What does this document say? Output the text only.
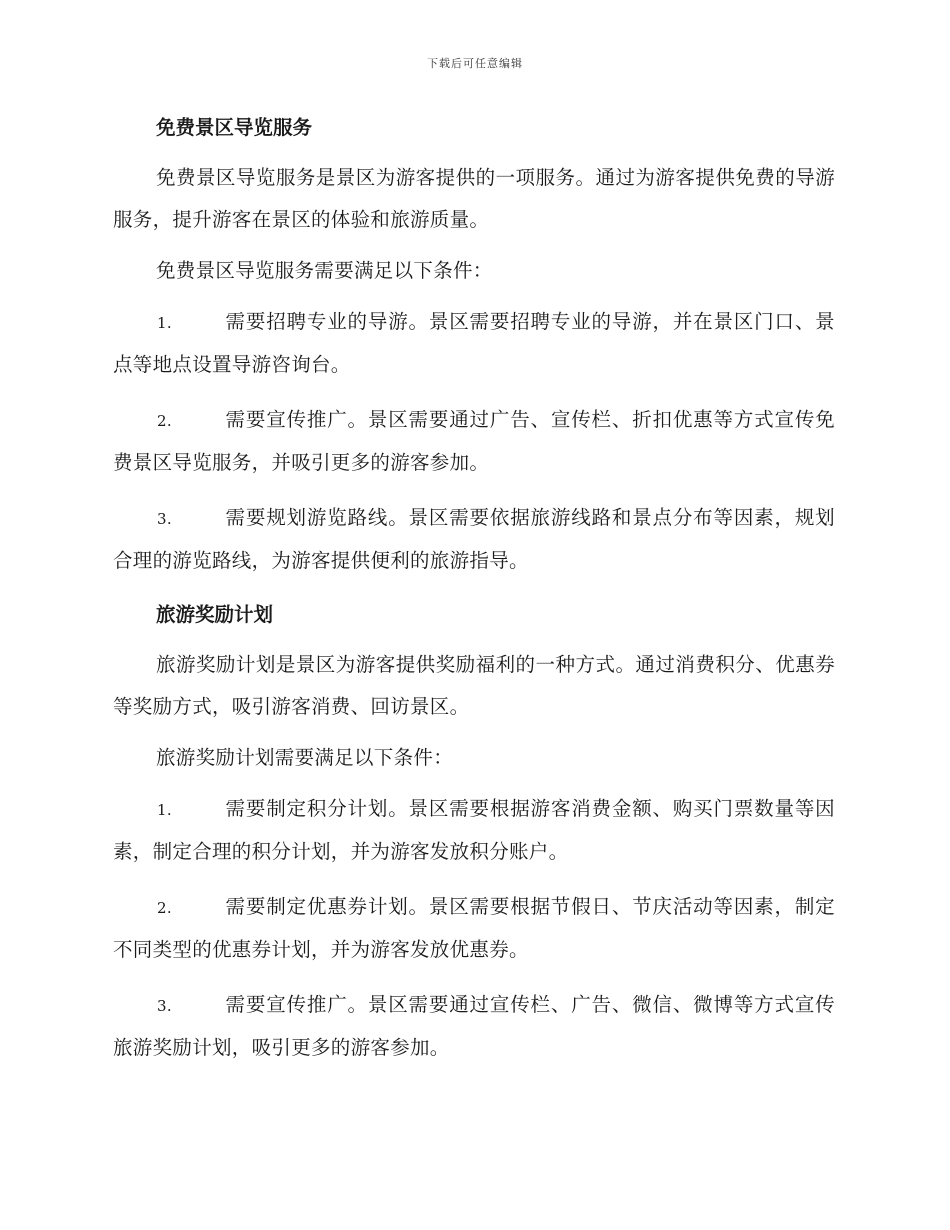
下载后可任意编辑
免费景区导览服务

免费景区导览服务是景区为游客提供的一项服务。通过为游客提供免费的导游服务，提升游客在景区的体验和旅游质量。

免费景区导览服务需要满足以下条件：

1.	需要招聘专业的导游。景区需要招聘专业的导游，并在景区门口、景点等地点设置导游咨询台。

2.	需要宣传推广。景区需要通过广告、宣传栏、折扣优惠等方式宣传免费景区导览服务，并吸引更多的游客参加。

3.	需要规划游览路线。景区需要依据旅游线路和景点分布等因素，规划合理的游览路线，为游客提供便利的旅游指导。

旅游奖励计划

旅游奖励计划是景区为游客提供奖励福利的一种方式。通过消费积分、优惠券等奖励方式，吸引游客消费、回访景区。

旅游奖励计划需要满足以下条件：

1.	需要制定积分计划。景区需要根据游客消费金额、购买门票数量等因素，制定合理的积分计划，并为游客发放积分账户。

2.	需要制定优惠券计划。景区需要根据节假日、节庆活动等因素，制定不同类型的优惠券计划，并为游客发放优惠券。

3.	需要宣传推广。景区需要通过宣传栏、广告、微信、微博等方式宣传旅游奖励计划，吸引更多的游客参加。
